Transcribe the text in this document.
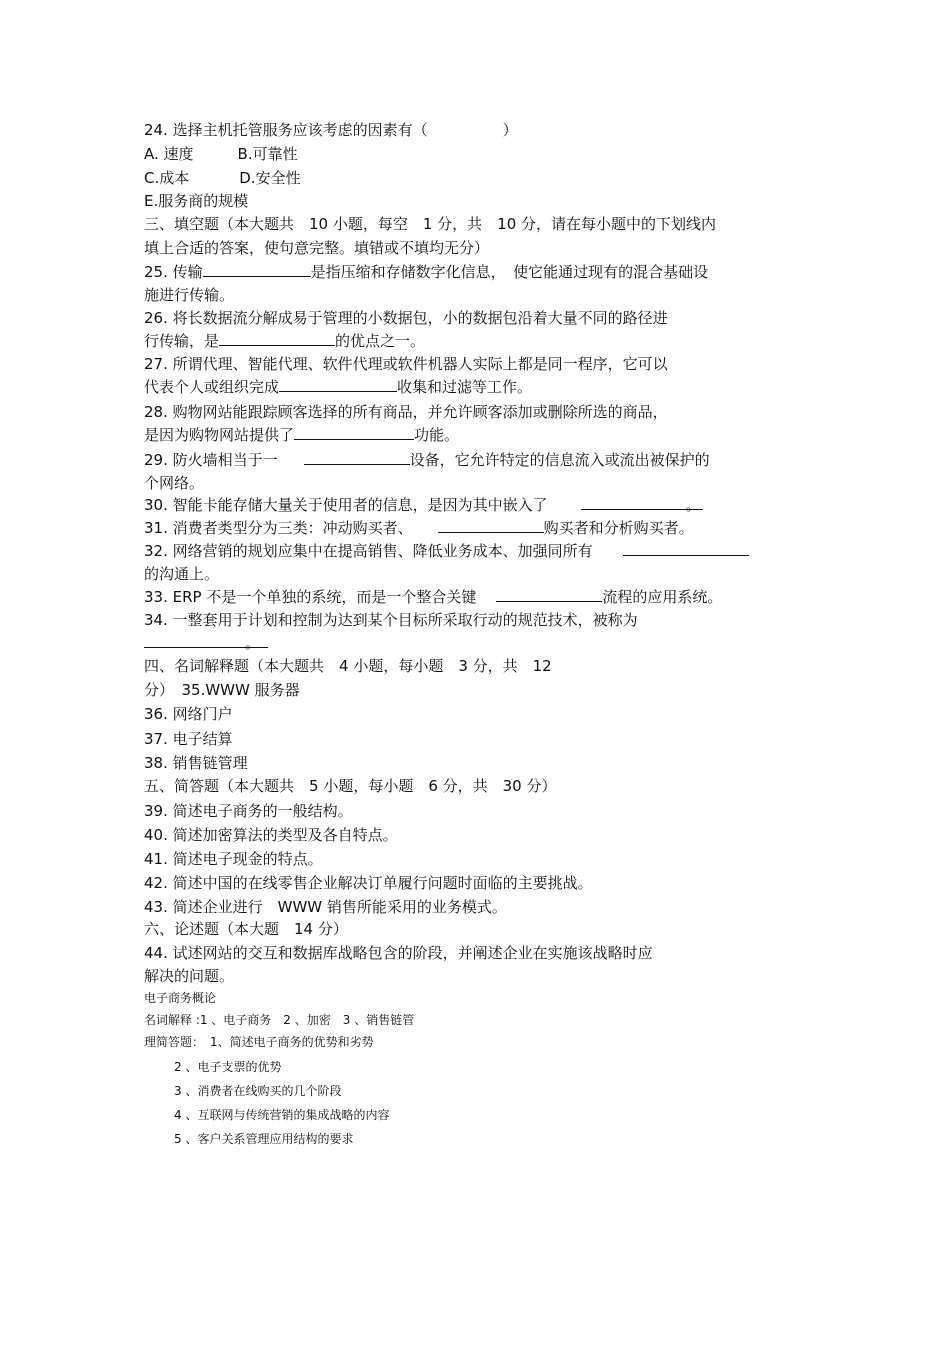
24. 选择主机托管服务应该考虑的因素有（　　　　　）
A. 速度	B.可靠性
C.成本	D.安全性
E.服务商的规模
三、填空题（本大题共　10 小题，每空　1 分，共　10 分，请在每小题中的下划线内
填上合适的答案，使句意完整。填错或不填均无分）
25. 传输	是指压缩和存储数字化信息，　使它能通过现有的混合基础设
施进行传输。
26. 将长数据流分解成易于管理的小数据包，小的数据包沿着大量不同的路径进
行传输，是	的优点之一。
27. 所谓代理、智能代理、软件代理或软件机器人实际上都是同一程序，它可以
代表个人或组织完成	收集和过滤等工作。
28. 购物网站能跟踪顾客选择的所有商品，并允许顾客添加或删除所选的商品，
是因为购物网站提供了	功能。
29. 防火墙相当于一	设备，它允许特定的信息流入或流出被保护的
个网络。
30. 智能卡能存储大量关于使用者的信息，是因为其中嵌入了	。
31. 消费者类型分为三类：冲动购买者、	购买者和分析购买者。
32. 网络营销的规划应集中在提高销售、降低业务成本、加强同所有
的沟通上。
33. ERP 不是一个单独的系统，而是一个整合关键	流程的应用系统。
34. 一整套用于计划和控制为达到某个目标所采取行动的规范技术，被称为
。
四、名词解释题（本大题共　4 小题，每小题　3 分，共　12
分）　35.WWW 服务器
36. 网络门户
37. 电子结算
38. 销售链管理
五、简答题（本大题共　5 小题，每小题　6 分，共　30 分）
39. 简述电子商务的一般结构。
40. 简述加密算法的类型及各自特点。
41. 简述电子现金的特点。
42. 简述中国的在线零售企业解决订单履行问题时面临的主要挑战。
43. 简述企业进行　WWW 销售所能采用的业务模式。
六、论述题（本大题　14 分）
44. 试述网站的交互和数据库战略包含的阶段，并阐述企业在实施该战略时应
解决的问题。
电子商务概论
名词解释 :1 、电子商务　2 、加密　3 、销售链管
理简答题：　1、简述电子商务的优势和劣势
2 、电子支票的优势
3 、消费者在线购买的几个阶段
4 、互联网与传统营销的集成战略的内容
5 、客户关系管理应用结构的要求
